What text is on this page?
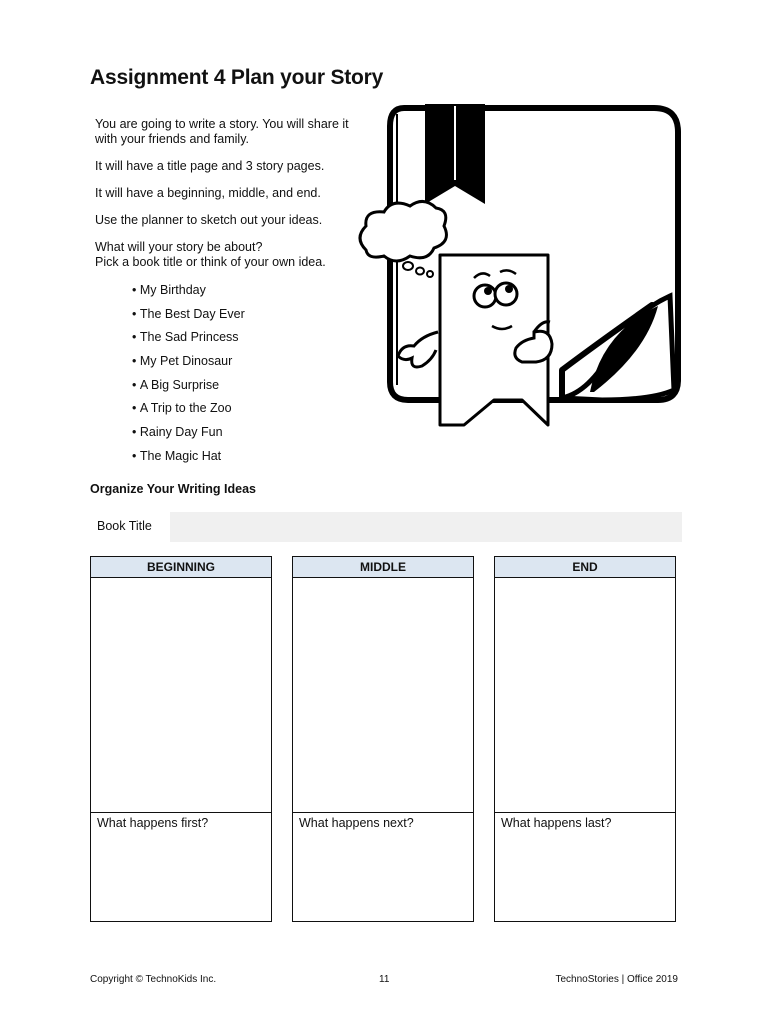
Assignment 4 Plan your Story

You are going to write a story. You will share it with your friends and family.

It will have a title page and 3 story pages.

It will have a beginning, middle, and end.

Use the planner to sketch out your ideas.

What will your story be about?
Pick a book title or think of your own idea.

• My Birthday
• The Best Day Ever
• The Sad Princess
• My Pet Dinosaur
• A Big Surprise
• A Trip to the Zoo
• Rainy Day Fun
• The Magic Hat
Organize Your Writing Ideas
Book Title
BEGINNING
What happens first?
MIDDLE
What happens next?
END
What happens last?
Copyright © TechnoKids Inc.	11	TechnoStories | Office 2019
